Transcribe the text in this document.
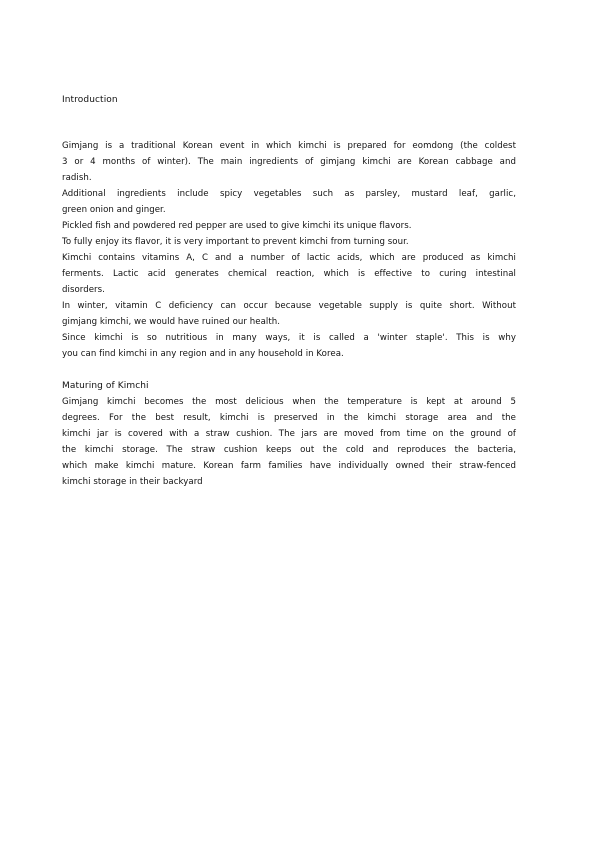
Introduction
Gimjang is a traditional Korean event in which kimchi is prepared for eomdong (the coldest
3 or 4 months of winter). The main ingredients of gimjang kimchi are Korean cabbage and
radish.
Additional ingredients include spicy vegetables such as parsley, mustard leaf, garlic,
green onion and ginger.
Pickled fish and powdered red pepper are used to give kimchi its unique flavors.
To fully enjoy its flavor, it is very important to prevent kimchi from turning sour.
Kimchi contains vitamins A, C and a number of lactic acids, which are produced as kimchi
ferments. Lactic acid generates chemical reaction, which is effective to curing intestinal
disorders.
In winter, vitamin C deficiency can occur because vegetable supply is quite short. Without
gimjang kimchi, we would have ruined our health.
Since kimchi is so nutritious in many ways, it is called a 'winter staple'. This is why
you can find kimchi in any region and in any household in Korea.
Maturing of Kimchi
Gimjang kimchi becomes the most delicious when the temperature is kept at around 5
degrees. For the best result, kimchi is preserved in the kimchi storage area and the
kimchi jar is covered with a straw cushion. The jars are moved from time on the ground of
the kimchi storage. The straw cushion keeps out the cold and reproduces the bacteria,
which make kimchi mature. Korean farm families have individually owned their straw-fenced
kimchi storage in their backyard
